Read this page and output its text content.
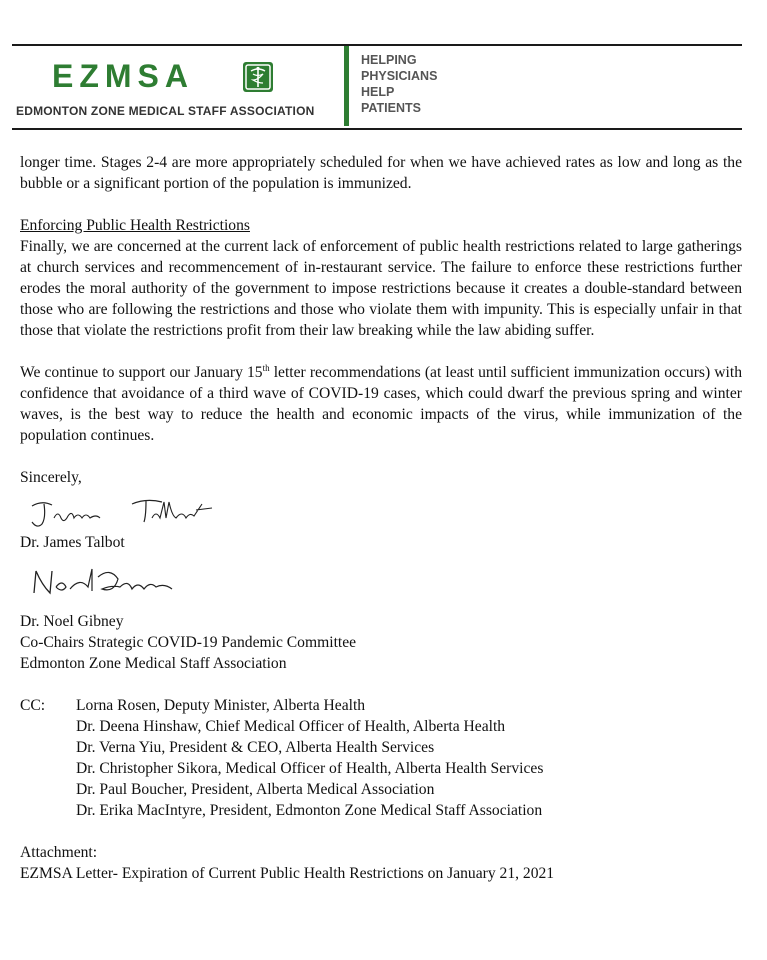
EZMSA
EDMONTON ZONE MEDICAL STAFF ASSOCIATION
HELPING
PHYSICIANS
HELP
PATIENTS

longer time. Stages 2-4 are more appropriately scheduled for when we have achieved rates as low and long as the bubble or a significant portion of the population is immunized.

Enforcing Public Health Restrictions

Finally, we are concerned at the current lack of enforcement of public health restrictions related to large gatherings at church services and recommencement of in-restaurant service. The failure to enforce these restrictions further erodes the moral authority of the government to impose restrictions because it creates a double-standard between those who are following the restrictions and those who violate them with impunity. This is especially unfair in that those that violate the restrictions profit from their law breaking while the law abiding suffer.

We continue to support our January 15th letter recommendations (at least until sufficient immunization occurs) with confidence that avoidance of a third wave of COVID-19 cases, which could dwarf the previous spring and winter waves, is the best way to reduce the health and economic impacts of the virus, while immunization of the population continues.

Sincerely,

Dr. James Talbot

Dr. Noel Gibney

Co-Chairs Strategic COVID-19 Pandemic Committee

Edmonton Zone Medical Staff Association

CC:	Lorna Rosen, Deputy Minister, Alberta Health
Dr. Deena Hinshaw, Chief Medical Officer of Health, Alberta Health
Dr. Verna Yiu, President & CEO, Alberta Health Services
Dr. Christopher Sikora, Medical Officer of Health, Alberta Health Services
Dr. Paul Boucher, President, Alberta Medical Association
Dr. Erika MacIntyre, President, Edmonton Zone Medical Staff Association

Attachment:

EZMSA Letter- Expiration of Current Public Health Restrictions on January 21, 2021
